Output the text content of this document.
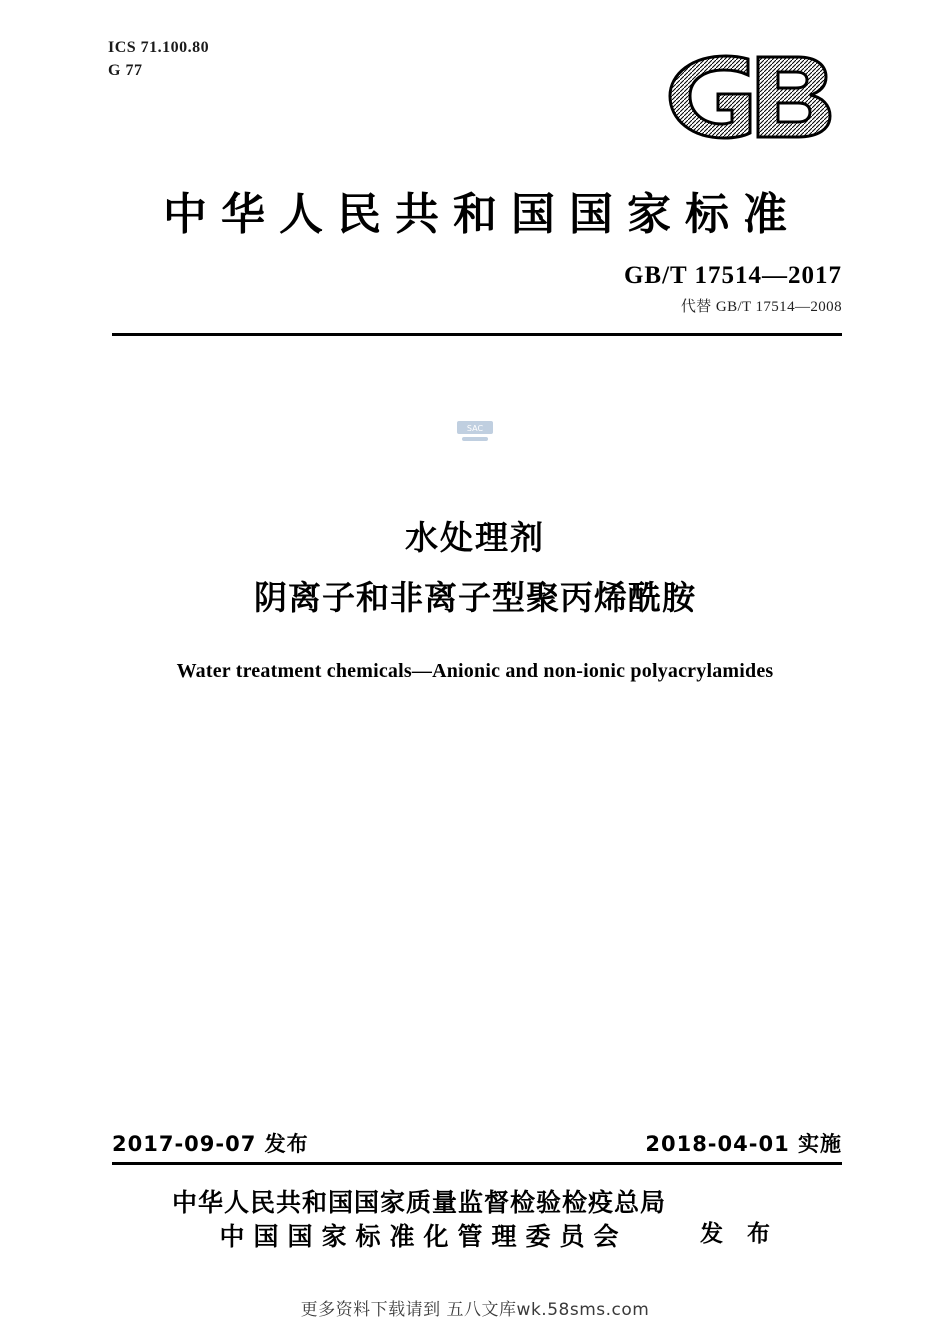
ICS 71.100.80
G 77
中华人民共和国国家标准
GB/T 17514—2017
代替 GB/T 17514—2008
SAC
水处理剂
阴离子和非离子型聚丙烯酰胺
Water treatment chemicals—Anionic and non-ionic polyacrylamides
2017-09-07 发布	2018-04-01 实施
中华人民共和国国家质量监督检验检疫总局
中国国家标准化管理委员会	发 布
更多资料下载请到 五八文库wk.58sms.com
